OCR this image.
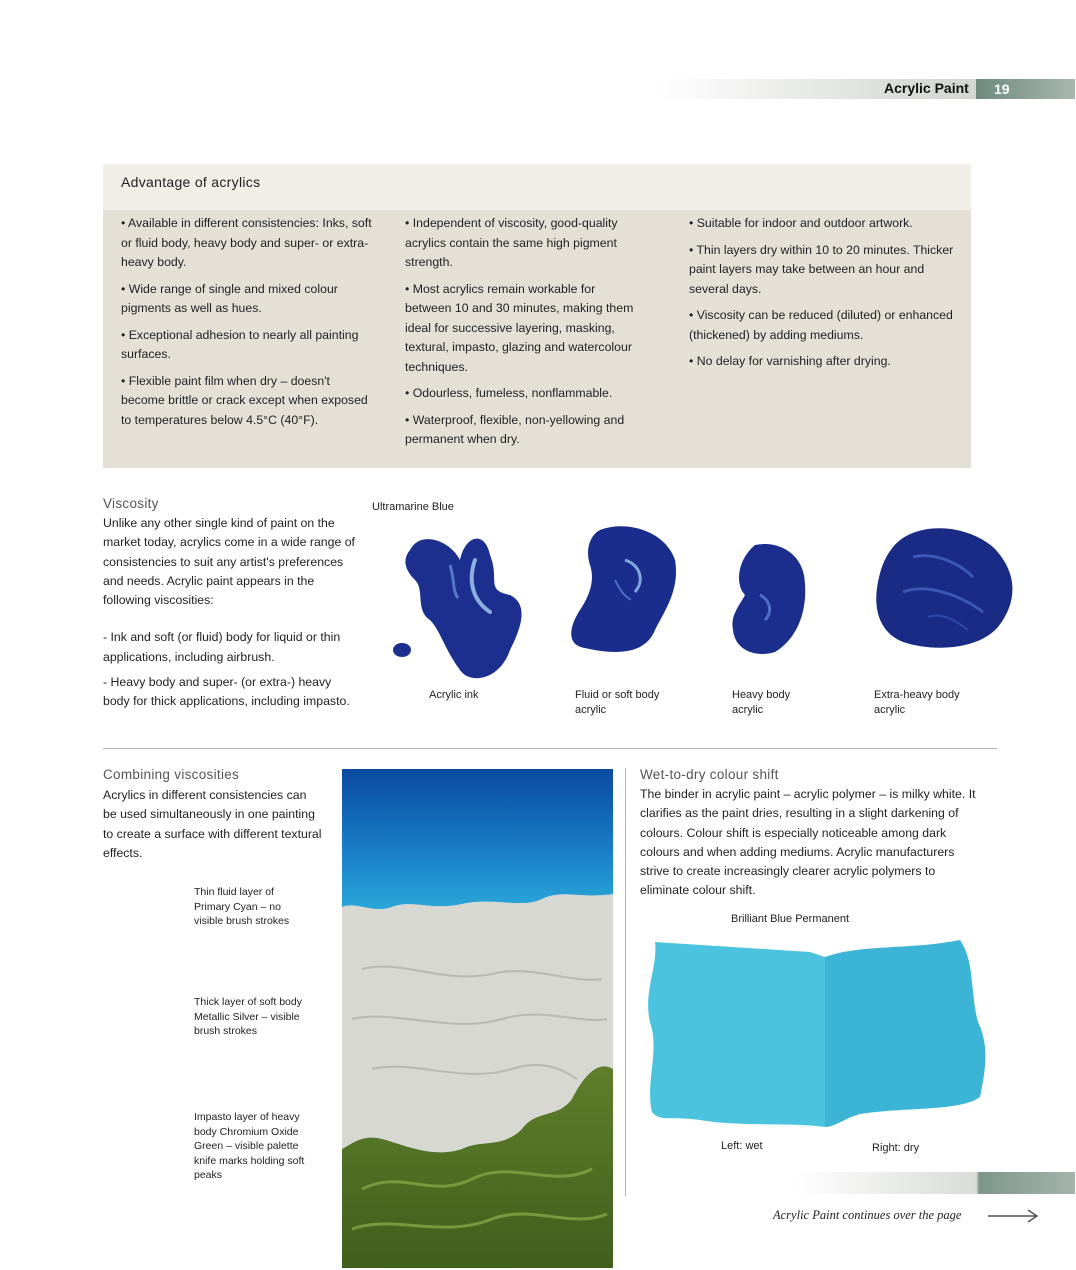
Acrylic Paint	19
Advantage of acrylics

• Available in different consistencies: Inks, soft or fluid body, heavy body and super- or extra-heavy body.

• Wide range of single and mixed colour pigments as well as hues.

• Exceptional adhesion to nearly all painting surfaces.

• Flexible paint film when dry – doesn't become brittle or crack except when exposed to temperatures below 4.5°C (40°F).

• Independent of viscosity, good-quality acrylics contain the same high pigment strength.

• Most acrylics remain workable for between 10 and 30 minutes, making them ideal for successive layering, masking, textural, impasto, glazing and watercolour techniques.

• Odourless, fumeless, nonflammable.

• Waterproof, flexible, non-yellowing and permanent when dry.

• Suitable for indoor and outdoor artwork.

• Thin layers dry within 10 to 20 minutes. Thicker paint layers may take between an hour and several days.

• Viscosity can be reduced (diluted) or enhanced (thickened) by adding mediums.

• No delay for varnishing after drying.

Viscosity

Unlike any other single kind of paint on the market today, acrylics come in a wide range of consistencies to suit any artist's preferences and needs. Acrylic paint appears in the following viscosities:

- Ink and soft (or fluid) body for liquid or thin applications, including airbrush.

- Heavy body and super- (or extra-) heavy body for thick applications, including impasto.

Ultramarine Blue
Acrylic ink	Fluid or soft body acrylic
Heavy body acrylic
Extra-heavy body acrylic
Combining viscosities
Acrylics in different consistencies can be used simultaneously in one painting to create a surface with different textural effects.
Thin fluid layer of Primary Cyan – no visible brush strokes
Thick layer of soft body Metallic Silver – visible brush strokes
Impasto layer of heavy body Chromium Oxide Green – visible palette knife marks holding soft peaks
Wet-to-dry colour shift
The binder in acrylic paint – acrylic polymer – is milky white. It clarifies as the paint dries, resulting in a slight darkening of colours. Colour shift is especially noticeable among dark colours and when adding mediums. Acrylic manufacturers strive to create increasingly clearer acrylic polymers to eliminate colour shift.
Brilliant Blue Permanent
Left: wet	Right: dry
Acrylic Paint continues over the page
